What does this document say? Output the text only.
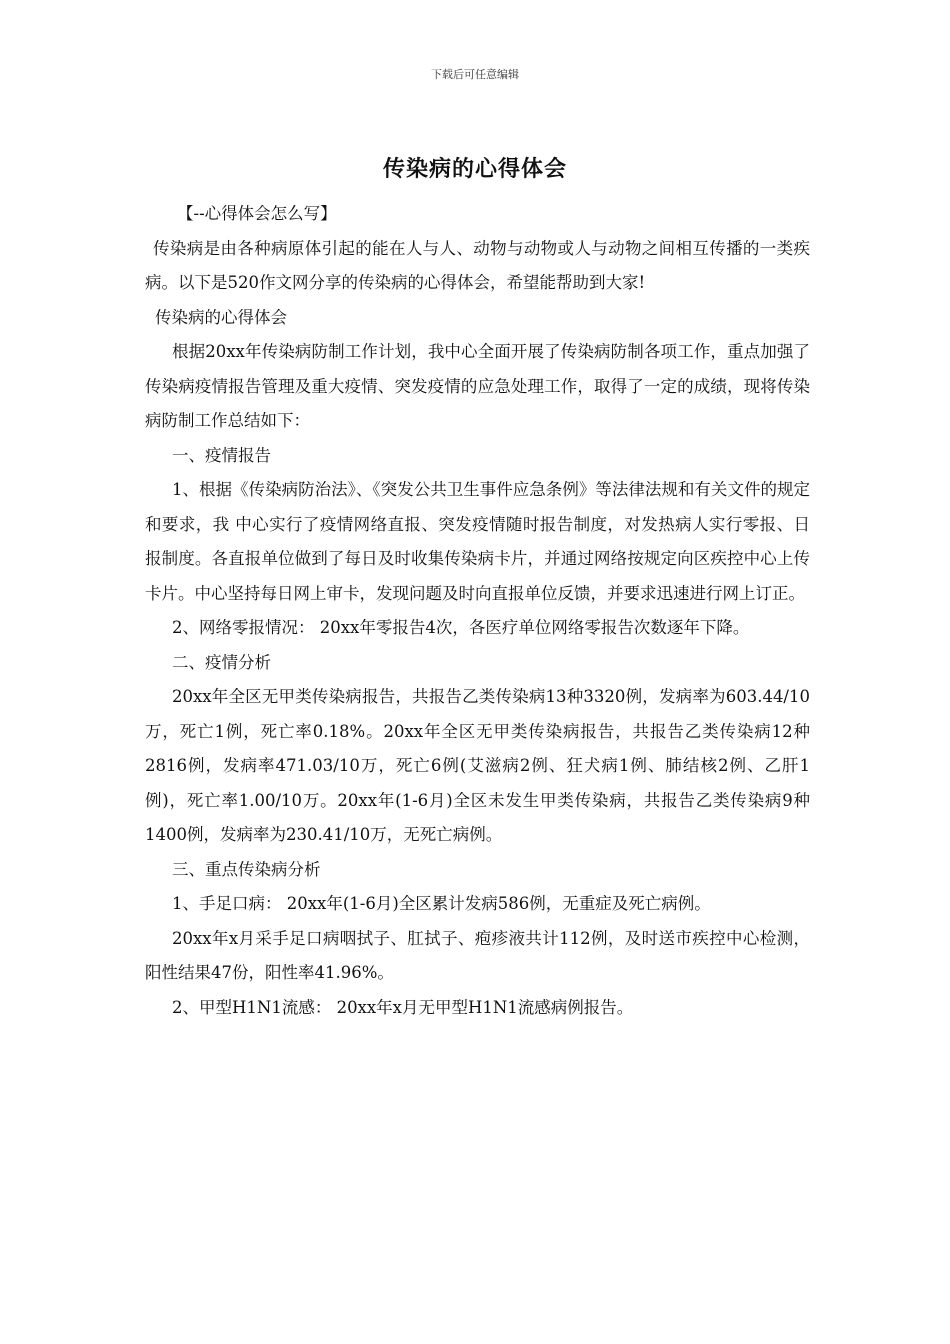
下载后可任意编辑
传染病的心得体会

【--心得体会怎么写】

传染病是由各种病原体引起的能在人与人、动物与动物或人与动物之间相互传播的一类疾病。以下是520作文网分享的传染病的心得体会，希望能帮助到大家!

传染病的心得体会

根据20xx年传染病防制工作计划，我中心全面开展了传染病防制各项工作，重点加强了传染病疫情报告管理及重大疫情、突发疫情的应急处理工作，取得了一定的成绩，现将传染病防制工作总结如下：

一、疫情报告

1、根据《传染病防治法》、《突发公共卫生事件应急条例》等法律法规和有关文件的规定和要求，我 中心实行了疫情网络直报、突发疫情随时报告制度，对发热病人实行零报、日报制度。各直报单位做到了每日及时收集传染病卡片，并通过网络按规定向区疾控中心上传卡片。中心坚持每日网上审卡，发现问题及时向直报单位反馈，并要求迅速进行网上订正。

2、网络零报情况： 20xx年零报告4次，各医疗单位网络零报告次数逐年下降。

二、疫情分析

20xx年全区无甲类传染病报告，共报告乙类传染病13种3320例，发病率为603.44/10万，死亡1例，死亡率0.18%。20xx年全区无甲类传染病报告，共报告乙类传染病12种2816例，发病率471.03/10万，死亡6例(艾滋病2例、狂犬病1例、肺结核2例、乙肝1例)，死亡率1.00/10万。20xx年(1-6月)全区未发生甲类传染病，共报告乙类传染病9种1400例，发病率为230.41/10万，无死亡病例。

三、重点传染病分析

1、手足口病： 20xx年(1-6月)全区累计发病586例，无重症及死亡病例。

20xx年x月采手足口病咽拭子、肛拭子、疱疹液共计112例，及时送市疾控中心检测，阳性结果47份，阳性率41.96%。

2、甲型H1N1流感： 20xx年x月无甲型H1N1流感病例报告。
